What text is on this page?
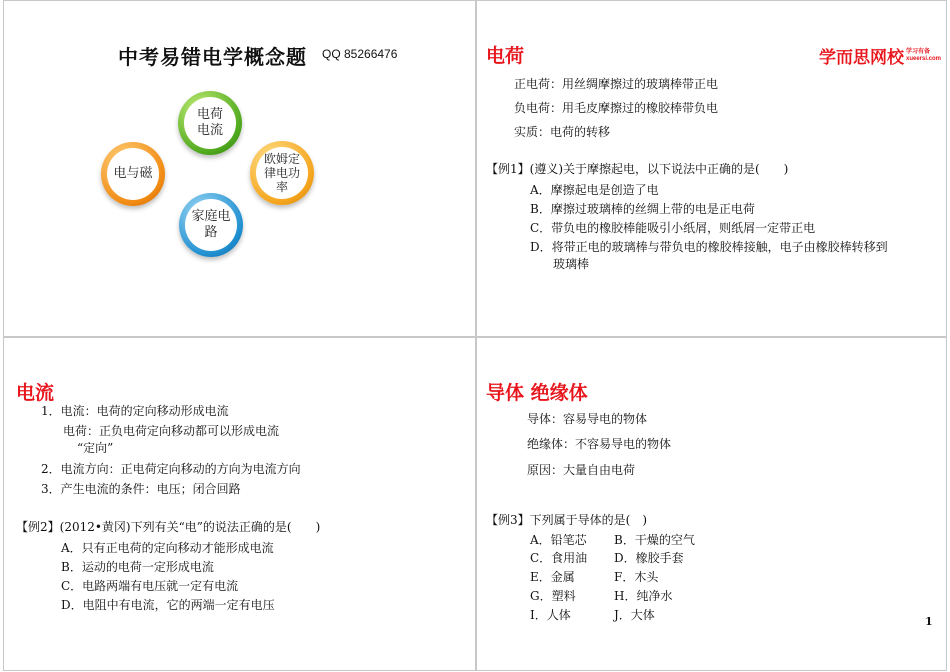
中考易错电学概念题 QQ 85266476
电荷
电流
电与磁
欧姆定
律电功
率
家庭电
路
电荷	学而思网校 学习有备
xueersi.com
正电荷：用丝绸摩擦过的玻璃棒带正电
负电荷：用毛皮摩擦过的橡胶棒带负电
实质：电荷的转移
【例1】(遵义)关于摩擦起电，以下说法中正确的是(　　)
A．摩擦起电是创造了电
B．摩擦过玻璃棒的丝绸上带的电是正电荷
C．带负电的橡胶棒能吸引小纸屑，则纸屑一定带正电
D．将带正电的玻璃棒与带负电的橡胶棒接触，电子由橡胶棒转移到
玻璃棒
电流
1．电流：电荷的定向移动形成电流
电荷：正负电荷定向移动都可以形成电流
“定向”
2．电流方向：正电荷定向移动的方向为电流方向
3．产生电流的条件：电压；闭合回路
【例2】(2012•黄冈)下列有关“电”的说法正确的是(　　)
A．只有正电荷的定向移动才能形成电流
B．运动的电荷一定形成电流
C．电路两端有电压就一定有电流
D．电阻中有电流，它的两端一定有电压
导体 绝缘体
导体：容易导电的物体
绝缘体：不容易导电的物体
原因：大量自由电荷
【例3】下列属于导体的是(　)
A．铅笔芯
C．食用油
E．金属
G．塑料
I．人体
B．干燥的空气
D．橡胶手套
F．木头
H．纯净水
J．大体	1
